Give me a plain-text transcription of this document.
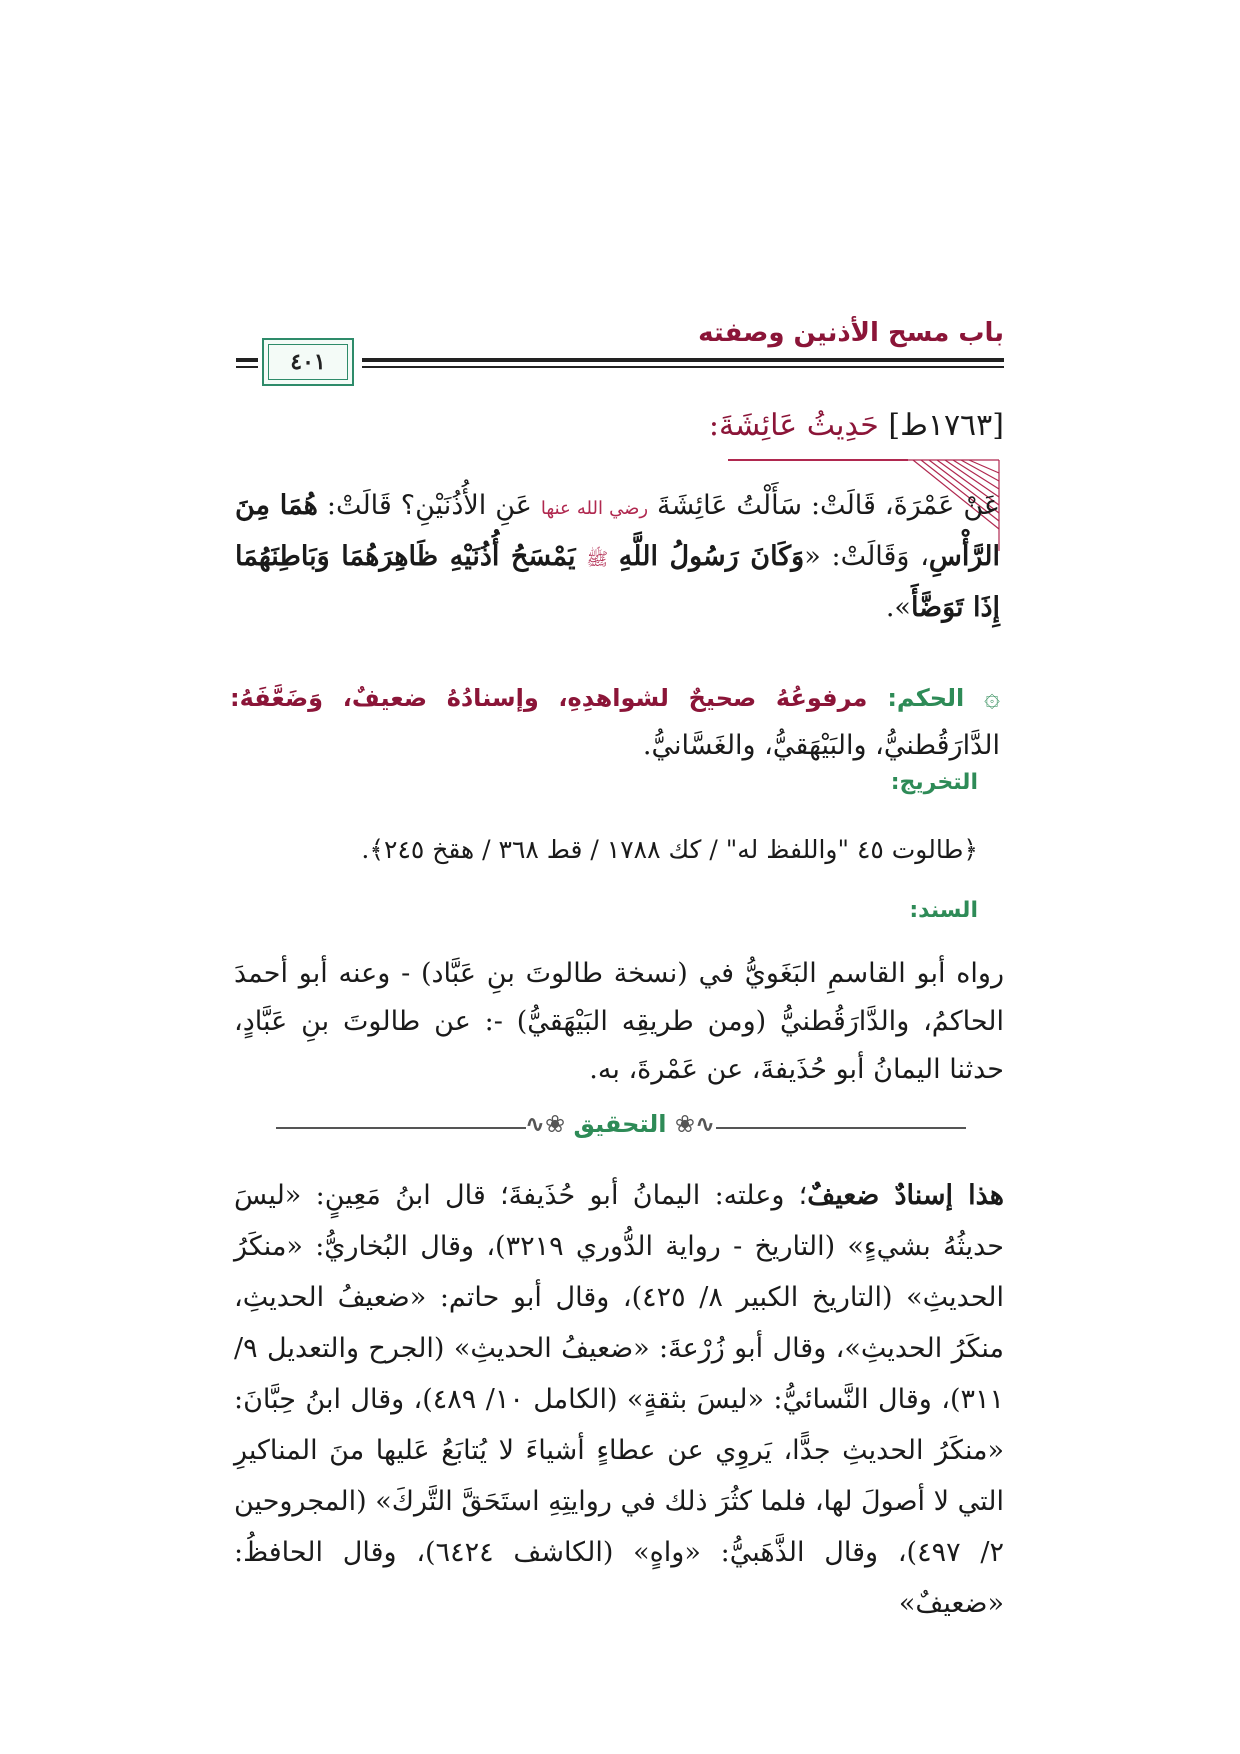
باب مسح الأذنين وصفته
٤٠١
[١٧٦٣ط] حَدِيثُ عَائِشَةَ:
عَنْ عَمْرَةَ، قَالَتْ: سَأَلْتُ عَائِشَةَ رضي الله عنها عَنِ الأُذُنَيْنِ؟ قَالَتْ: هُمَا مِنَ الرَّأْسِ، وَقَالَتْ: «وَكَانَ رَسُولُ اللَّهِ ﷺ يَمْسَحُ أُذُنَيْهِ ظَاهِرَهُمَا وَبَاطِنَهُمَا إِذَا تَوَضَّأَ».
۞ الحكم: مرفوعُهُ صحيحٌ لشواهدِهِ، وإسنادُهُ ضعيفٌ، وَضَعَّفَهُ: الدَّارَقُطنيُّ، والبَيْهَقيُّ، والغَسَّانيُّ.
التخريج:
﴿طالوت ٤٥ "واللفظ له" / كك ١٧٨٨ / قط ٣٦٨ / هقخ ٢٤٥﴾.
السند:
رواه أبو القاسمِ البَغَويُّ في (نسخة طالوتَ بنِ عَبَّاد) - وعنه أبو أحمدَ الحاكمُ، والدَّارَقُطنيُّ (ومن طريقِه البَيْهَقيُّ) -: عن طالوتَ بنِ عَبَّادٍ، حدثنا اليمانُ أبو حُذَيفةَ، عن عَمْرةَ، به.
∿❀ التحقيق ❀∿
هذا إسنادٌ ضعيفٌ؛ وعلته: اليمانُ أبو حُذَيفةَ؛ قال ابنُ مَعِينٍ: «ليسَ حديثُهُ بشيءٍ» (التاريخ - رواية الدُّوري ٣٢١٩)، وقال البُخاريُّ: «منكَرُ الحديثِ» (التاريخ الكبير ٨/ ٤٢٥)، وقال أبو حاتم: «ضعيفُ الحديثِ، منكَرُ الحديثِ»، وقال أبو زُرْعةَ: «ضعيفُ الحديثِ» (الجرح والتعديل ٩/ ٣١١)، وقال النَّسائيُّ: «ليسَ بثقةٍ» (الكامل ١٠/ ٤٨٩)، وقال ابنُ حِبَّانَ: «منكَرُ الحديثِ جدًّا، يَروِي عن عطاءٍ أشياءَ لا يُتابَعُ عَليها منَ المناكيرِ التي لا أصولَ لها، فلما كثُرَ ذلك في روايتِهِ استَحَقَّ التَّركَ» (المجروحين ٢/ ٤٩٧)، وقال الذَّهَبيُّ: «واهٍ» (الكاشف ٦٤٢٤)، وقال الحافظُ: «ضعيفٌ»
